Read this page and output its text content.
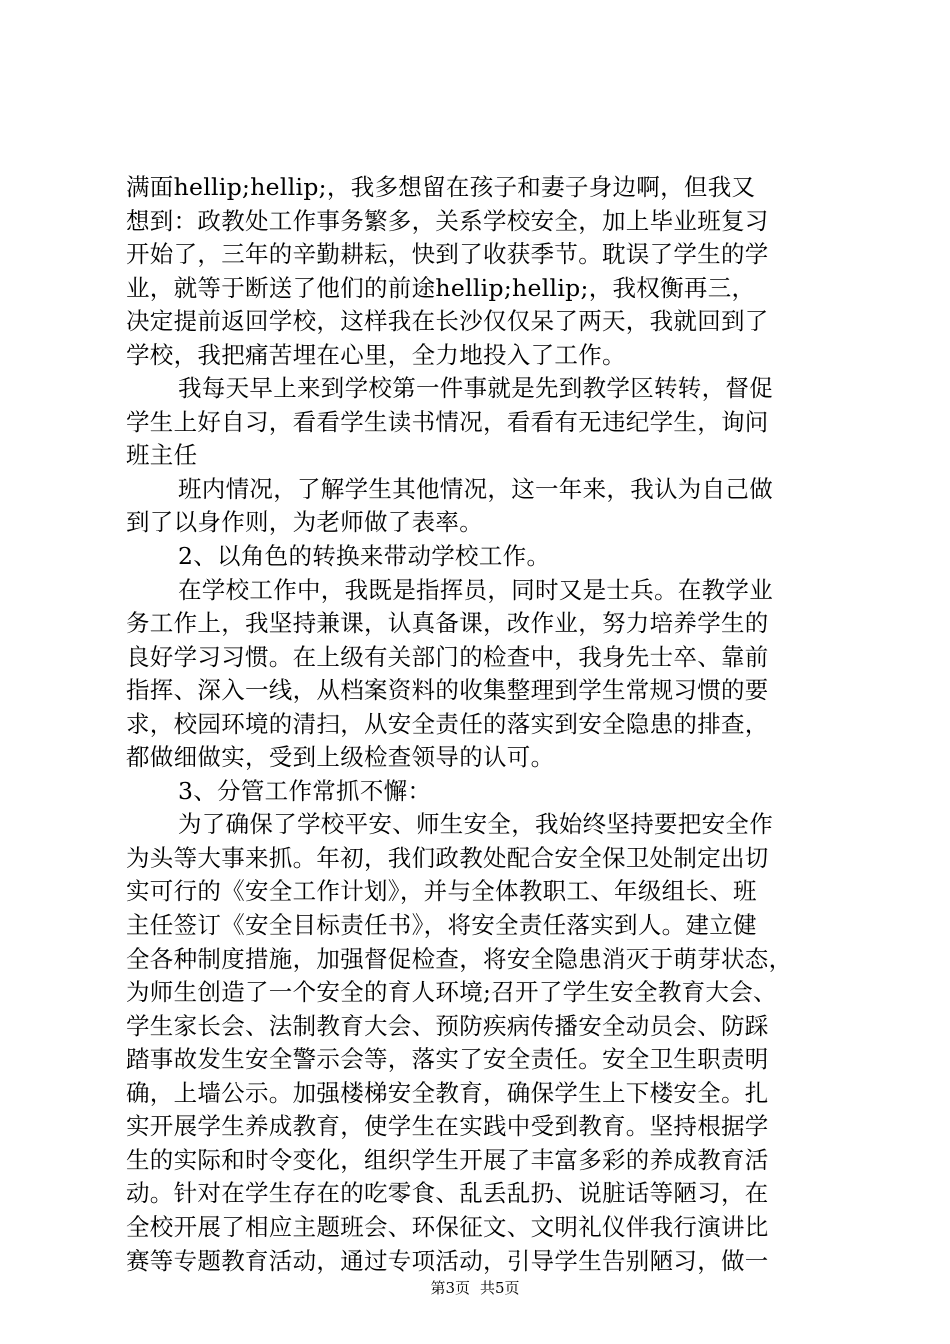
满面hellip;hellip;，我多想留在孩子和妻子身边啊，但我又
想到：政教处工作事务繁多，关系学校安全，加上毕业班复习
开始了，三年的辛勤耕耘，快到了收获季节。耽误了学生的学
业，就等于断送了他们的前途hellip;hellip;，我权衡再三，
决定提前返回学校，这样我在长沙仅仅呆了两天，我就回到了
学校，我把痛苦埋在心里，全力地投入了工作。
我每天早上来到学校第一件事就是先到教学区转转，督促
学生上好自习，看看学生读书情况，看看有无违纪学生，询问
班主任
班内情况，了解学生其他情况，这一年来，我认为自己做
到了以身作则，为老师做了表率。
2、以角色的转换来带动学校工作。
在学校工作中，我既是指挥员，同时又是士兵。在教学业
务工作上，我坚持兼课，认真备课，改作业，努力培养学生的
良好学习习惯。在上级有关部门的检查中，我身先士卒、靠前
指挥、深入一线，从档案资料的收集整理到学生常规习惯的要
求，校园环境的清扫，从安全责任的落实到安全隐患的排查，
都做细做实，受到上级检查领导的认可。
3、分管工作常抓不懈：
为了确保了学校平安、师生安全，我始终坚持要把安全作
为头等大事来抓。年初，我们政教处配合安全保卫处制定出切
实可行的《安全工作计划》，并与全体教职工、年级组长、班
主任签订《安全目标责任书》，将安全责任落实到人。建立健
全各种制度措施，加强督促检查，将安全隐患消灭于萌芽状态，
为师生创造了一个安全的育人环境;召开了学生安全教育大会、
学生家长会、法制教育大会、预防疾病传播安全动员会、防踩
踏事故发生安全警示会等，落实了安全责任。安全卫生职责明
确，上墙公示。加强楼梯安全教育，确保学生上下楼安全。扎
实开展学生养成教育，使学生在实践中受到教育。坚持根据学
生的实际和时令变化，组织学生开展了丰富多彩的养成教育活
动。针对在学生存在的吃零食、乱丢乱扔、说脏话等陋习，在
全校开展了相应主题班会、环保征文、文明礼仪伴我行演讲比
赛等专题教育活动，通过专项活动，引导学生告别陋习，做一
第3页 共5页
